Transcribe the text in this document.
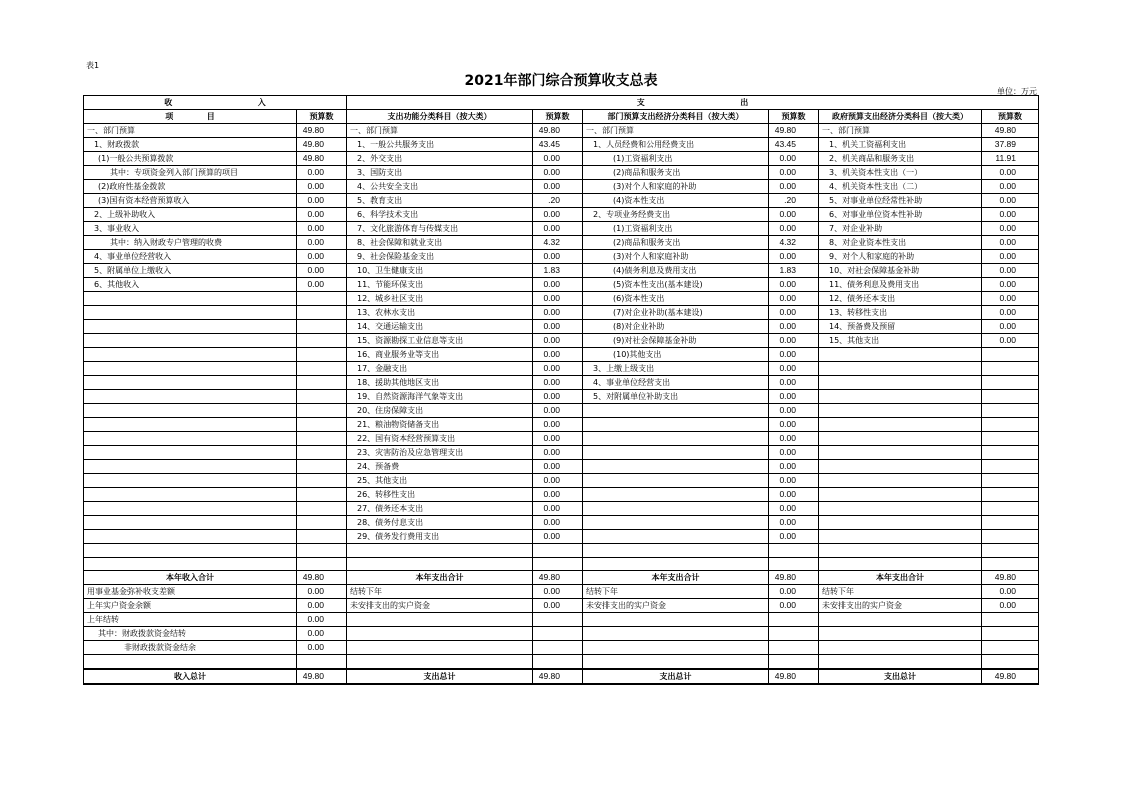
表1
2021年部门综合预算收支总表
单位：万元
收 入		支 出					
项 目	预算数	支出功能分类科目（按大类）	预算数	部门预算支出经济分类科目（按大类）	预算数	政府预算支出经济分类科目（按大类）	预算数
一、部门预算	49.80	一、部门预算	49.80	一、部门预算	49.80	一、部门预算	49.80
1、财政拨款	49.80	1、一般公共服务支出	43.45	1、人员经费和公用经费支出	43.45	1、机关工资福利支出	37.89
(1)一般公共预算拨款	49.80	2、外交支出	0.00	(1)工资福利支出	0.00	2、机关商品和服务支出	11.91
其中：专项资金列入部门预算的项目	0.00	3、国防支出	0.00	(2)商品和服务支出	0.00	3、机关资本性支出（一）	0.00
(2)政府性基金拨款	0.00	4、公共安全支出	0.00	(3)对个人和家庭的补助	0.00	4、机关资本性支出（二）	0.00
(3)国有资本经营预算收入	0.00	5、教育支出	.20	(4)资本性支出	.20	5、对事业单位经常性补助	0.00
2、上级补助收入	0.00	6、科学技术支出	0.00	2、专项业务经费支出	0.00	6、对事业单位资本性补助	0.00
3、事业收入	0.00	7、文化旅游体育与传媒支出	0.00	(1)工资福利支出	0.00	7、对企业补助	0.00
其中：纳入财政专户管理的收费	0.00	8、社会保障和就业支出	4.32	(2)商品和服务支出	4.32	8、对企业资本性支出	0.00
4、事业单位经营收入	0.00	9、社会保险基金支出	0.00	(3)对个人和家庭补助	0.00	9、对个人和家庭的补助	0.00
5、附属单位上缴收入	0.00	10、卫生健康支出	1.83	(4)债务利息及费用支出	1.83	10、对社会保障基金补助	0.00
6、其他收入	0.00	11、节能环保支出	0.00	(5)资本性支出(基本建设)	0.00	11、债务利息及费用支出	0.00
		12、城乡社区支出	0.00	(6)资本性支出	0.00	12、债务还本支出	0.00
		13、农林水支出	0.00	(7)对企业补助(基本建设)	0.00	13、转移性支出	0.00
		14、交通运输支出	0.00	(8)对企业补助	0.00	14、预备费及预留	0.00
		15、资源勘探工业信息等支出	0.00	(9)对社会保障基金补助	0.00	15、其他支出	0.00
		16、商业服务业等支出	0.00	(10)其他支出	0.00		
		17、金融支出	0.00	3、上缴上级支出	0.00		
		18、援助其他地区支出	0.00	4、事业单位经营支出	0.00		
		19、自然资源海洋气象等支出	0.00	5、对附属单位补助支出	0.00		
		20、住房保障支出	0.00		0.00		
		21、粮油物资储备支出	0.00		0.00		
		22、国有资本经营预算支出	0.00		0.00		
		23、灾害防治及应急管理支出	0.00		0.00		
		24、预备费	0.00		0.00		
		25、其他支出	0.00		0.00		
		26、转移性支出	0.00		0.00		
		27、债务还本支出	0.00		0.00		
		28、债务付息支出	0.00		0.00		
		29、债务发行费用支出	0.00		0.00		

本年收入合计	49.80	本年支出合计	49.80	本年支出合计	49.80	本年支出合计	49.80
用事业基金弥补收支差额	0.00	结转下年	0.00	结转下年	0.00	结转下年	0.00
上年实户资金余额	0.00	未安排支出的实户资金	0.00	未安排支出的实户资金	0.00	未安排支出的实户资金	0.00
上年结转	0.00						
其中：财政拨款资金结转	0.00						
非财政拨款资金结余	0.00						

收入总计	49.80	支出总计	49.80	支出总计	49.80	支出总计	49.80
